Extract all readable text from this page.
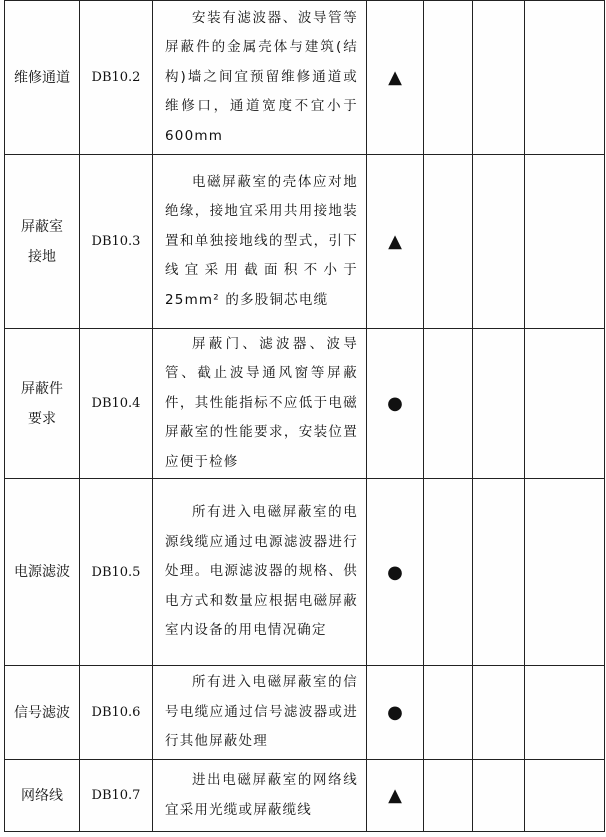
维修通道	DB10.2	安装有滤波器、波导管等屏蔽件的金属壳体与建筑(结构)墙之间宜预留维修通道或维修口，通道宽度不宜小于 600mm	▲			

屏蔽室接地	DB10.3	电磁屏蔽室的壳体应对地绝缘，接地宜采用共用接地装置和单独接地线的型式，引下线宜采用截面积不小于 25mm² 的多股铜芯电缆	▲			

屏蔽件要求	DB10.4	屏蔽门、滤波器、波导管、截止波导通风窗等屏蔽件，其性能指标不应低于电磁屏蔽室的性能要求，安装位置应便于检修	●			
电源滤波	DB10.5	所有进入电磁屏蔽室的电源线缆应通过电源滤波器进行处理。电源滤波器的规格、供电方式和数量应根据电磁屏蔽室内设备的用电情况确定	●			
信号滤波	DB10.6	所有进入电磁屏蔽室的信号电缆应通过信号滤波器或进行其他屏蔽处理	●			
网络线	DB10.7	进出电磁屏蔽室的网络线宜采用光缆或屏蔽缆线	▲			
